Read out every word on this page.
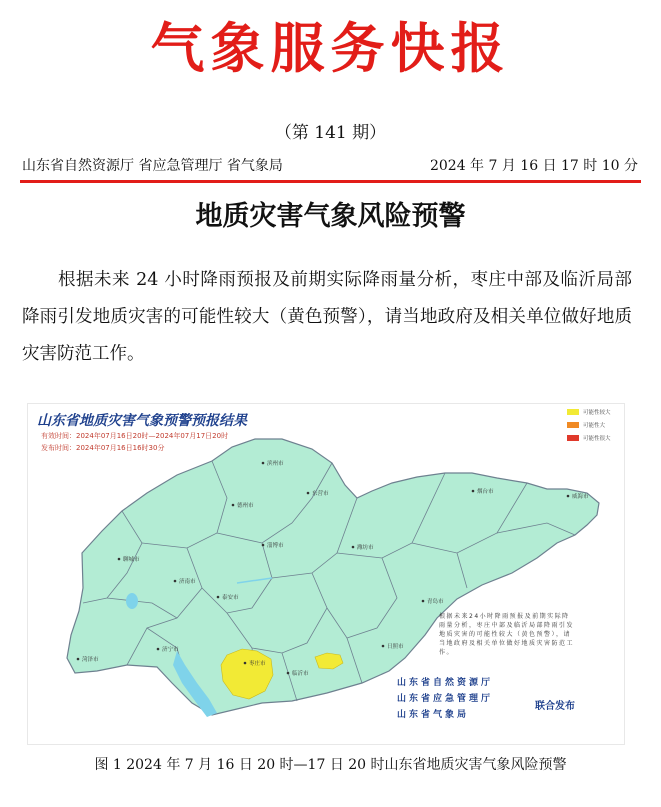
气象服务快报
（第 141 期）
山东省自然资源厅 省应急管理厅 省气象局	2024 年 7 月 16 日 17 时 10 分
地质灾害气象风险预警
根据未来 24 小时降雨预报及前期实际降雨量分析，枣庄中部及临沂局部降雨引发地质灾害的可能性较大（黄色预警），请当地政府及相关单位做好地质灾害防范工作。
山东省地质灾害气象预警预报结果
有效时间：2024年07月16日20时—2024年07月17日20时
发布时间：2024年07月16日16时30分
可能性较大
可能性大
可能性很大
德州市
滨州市
东营市
聊城市
济南市
淄博市	潍坊市
烟台市
威海市
青岛市
日照市
泰安市
菏泽市
济宁市
枣庄市
临沂市
根据未来24小时降雨预报及前期实际降
雨量分析，枣庄中部及临沂局部降雨引发
地质灾害的可能性较大（黄色预警），请
当地政府及相关单位做好地质灾害防范工
作。
山东省自然资源厅
山东省应急管理厅
山东省气象局
联合发布
图 1 2024 年 7 月 16 日 20 时—17 日 20 时山东省地质灾害气象风险预警
